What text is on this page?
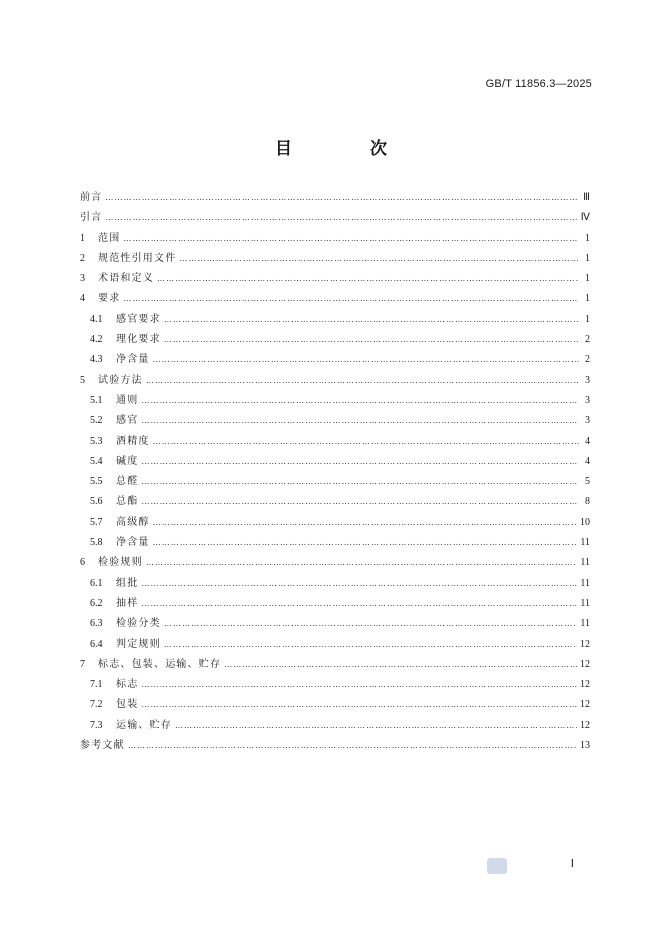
GB/T 11856.3—2025
目 次
前言 ………………………………………………………………………………………………………………………………………………………………………………………………………………………………………………	Ⅲ
引言 ………………………………………………………………………………………………………………………………………………………………………………………………………………………………………………	Ⅳ
1	范围 ………………………………………………………………………………………………………………………………………………………………………………………………………………………………………………	1
2	规范性引用文件 ………………………………………………………………………………………………………………………………………………………………………………………………………………………………………………	1
3	术语和定义 ………………………………………………………………………………………………………………………………………………………………………………………………………………………………………………	1
4	要求 ………………………………………………………………………………………………………………………………………………………………………………………………………………………………………………	1
4.1	感官要求 ………………………………………………………………………………………………………………………………………………………………………………………………………………………………………………	1
4.2	理化要求 ………………………………………………………………………………………………………………………………………………………………………………………………………………………………………………	2
4.3	净含量 ………………………………………………………………………………………………………………………………………………………………………………………………………………………………………………	2
5	试验方法 ………………………………………………………………………………………………………………………………………………………………………………………………………………………………………………	3
5.1	通则 ………………………………………………………………………………………………………………………………………………………………………………………………………………………………………………	3
5.2	感官 ………………………………………………………………………………………………………………………………………………………………………………………………………………………………………………	3
5.3	酒精度 ………………………………………………………………………………………………………………………………………………………………………………………………………………………………………………	4
5.4	碱度 ………………………………………………………………………………………………………………………………………………………………………………………………………………………………………………	4
5.5	总醛 ………………………………………………………………………………………………………………………………………………………………………………………………………………………………………………	5
5.6	总酯 ………………………………………………………………………………………………………………………………………………………………………………………………………………………………………………	8
5.7	高级醇 ………………………………………………………………………………………………………………………………………………………………………………………………………………………………………………	10
5.8	净含量 ………………………………………………………………………………………………………………………………………………………………………………………………………………………………………………	11
6	检验规则 ………………………………………………………………………………………………………………………………………………………………………………………………………………………………………………	11
6.1	组批 ………………………………………………………………………………………………………………………………………………………………………………………………………………………………………………	11
6.2	抽样 ………………………………………………………………………………………………………………………………………………………………………………………………………………………………………………	11
6.3	检验分类 ………………………………………………………………………………………………………………………………………………………………………………………………………………………………………………	11
6.4	判定规则 ………………………………………………………………………………………………………………………………………………………………………………………………………………………………………………	12
7	标志、包装、运输、贮存 ………………………………………………………………………………………………………………………………………………………………………………………………………………………………………………	12
7.1	标志 ………………………………………………………………………………………………………………………………………………………………………………………………………………………………………………	12
7.2	包装 ………………………………………………………………………………………………………………………………………………………………………………………………………………………………………………	12
7.3	运输、贮存 ………………………………………………………………………………………………………………………………………………………………………………………………………………………………………………	12
参考文献 ………………………………………………………………………………………………………………………………………………………………………………………………………………………………………………	13
Ⅰ
